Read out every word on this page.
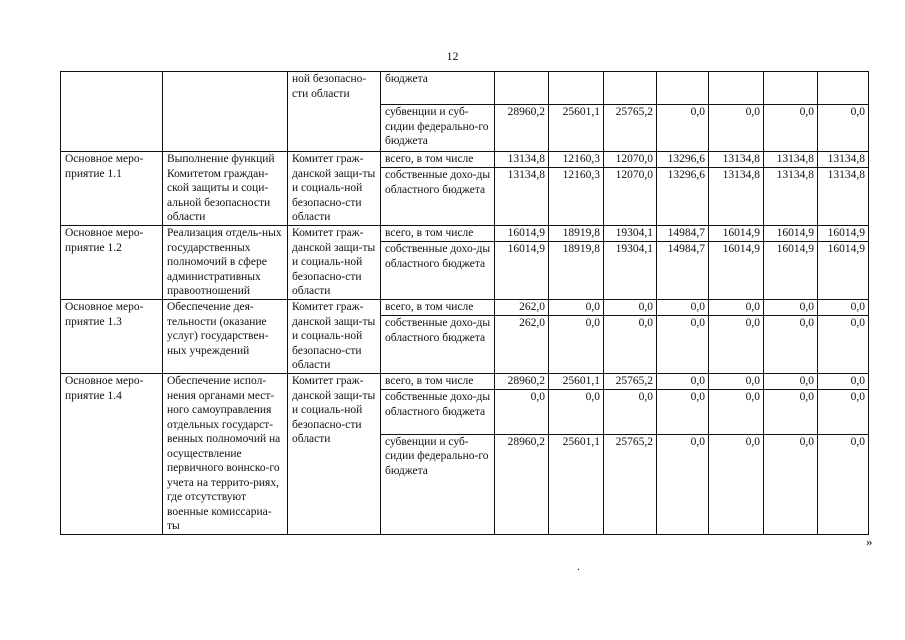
12
		ной безопасно-сти области	бюджета							
			субвенции и суб-сидии федерально-го бюджета	28960,2	25601,1	25765,2	0,0	0,0	0,0	0,0
Основное меро-приятие 1.1	Выполнение функций Комитетом граждан-ской защиты и соци-альной безопасности области	Комитет граж-данской защи-ты и социаль-ной безопасно-сти области	всего, в том числе	13134,8	12160,3	12070,0	13296,6	13134,8	13134,8	13134,8
			собственные дохо-ды областного бюджета	13134,8	12160,3	12070,0	13296,6	13134,8	13134,8	13134,8
Основное меро-приятие 1.2	Реализация отдель-ных государственных полномочий в сфере административных правоотношений	Комитет граж-данской защи-ты и социаль-ной безопасно-сти области	всего, в том числе	16014,9	18919,8	19304,1	14984,7	16014,9	16014,9	16014,9
			собственные дохо-ды областного бюджета	16014,9	18919,8	19304,1	14984,7	16014,9	16014,9	16014,9
Основное меро-приятие 1.3	Обеспечение дея-тельности (оказание услуг) государствен-ных учреждений	Комитет граж-данской защи-ты и социаль-ной безопасно-сти области	всего, в том числе	262,0	0,0	0,0	0,0	0,0	0,0	0,0
			собственные дохо-ды областного бюджета	262,0	0,0	0,0	0,0	0,0	0,0	0,0
Основное меро-приятие 1.4	Обеспечение испол-нения органами мест-ного самоуправления отдельных государст-венных полномочий на осуществление первичного воинско-го учета на террито-риях, где отсутствуют военные комиссариа-ты	Комитет граж-данской защи-ты и социаль-ной безопасно-сти области	всего, в том числе	28960,2	25601,1	25765,2	0,0	0,0	0,0	0,0
			собственные дохо-ды областного бюджета	0,0	0,0	0,0	0,0	0,0	0,0	0,0
			субвенции и суб-сидии федерально-го бюджета	28960,2	25601,1	25765,2	0,0	0,0	0,0	0,0
»
.
